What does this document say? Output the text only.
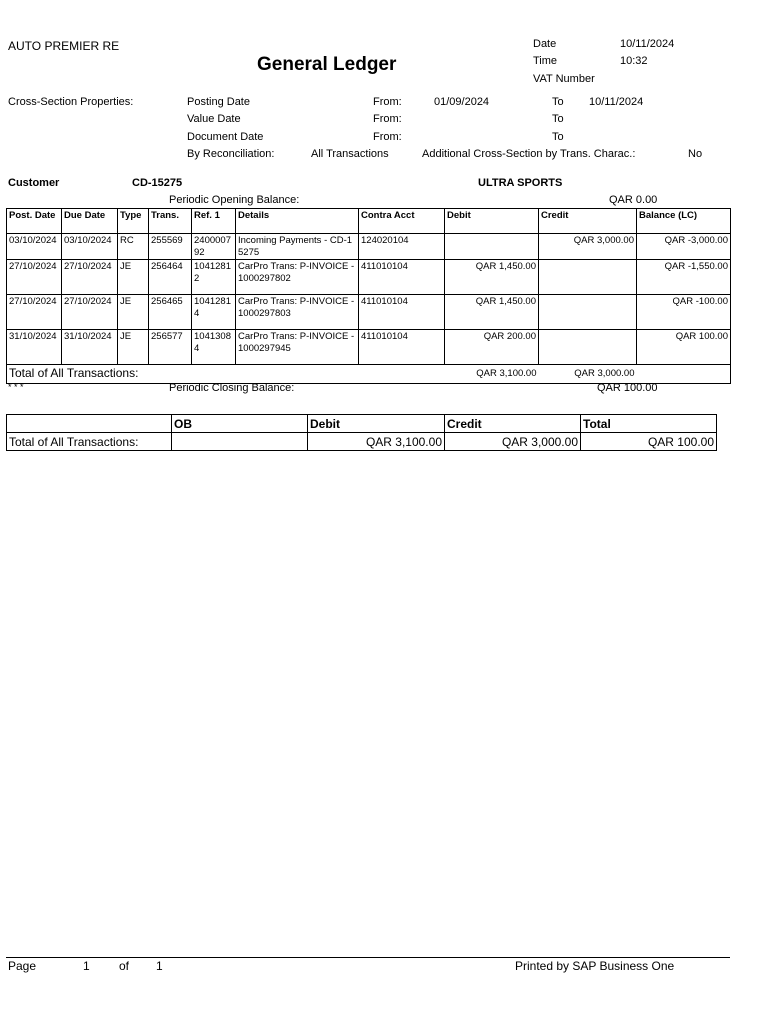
AUTO PREMIER RE
General Ledger
Date	10/11/2024
Time	10:32
VAT Number
Cross-Section Properties:	Posting Date	From:	01/09/2024	To 10/11/2024
Value Date	From:	To
Document Date	From:	To
By Reconciliation:	All Transactions	Additional Cross-Section by Trans. Charac.:	No
Customer	CD-15275	ULTRA SPORTS
Periodic Opening Balance:	QAR 0.00
Post. Date	Due Date	Type	Trans.	Ref. 1	Details	Contra Acct	Debit	Credit	Balance (LC)
03/10/2024	03/10/2024	RC	255569	240000792	Incoming Payments - CD-15275	124020104		QAR 3,000.00	QAR -3,000.00
27/10/2024	27/10/2024	JE	256464	10412812	CarPro Trans: P-INVOICE - 1000297802	411010104	QAR 1,450.00		QAR -1,550.00
27/10/2024	27/10/2024	JE	256465	10412814	CarPro Trans: P-INVOICE - 1000297803	411010104	QAR 1,450.00		QAR -100.00
31/10/2024	31/10/2024	JE	256577	10413084	CarPro Trans: P-INVOICE - 1000297945	411010104	QAR 200.00		QAR 100.00
Total of All Transactions:							QAR 3,100.00	QAR 3,000.00	
* * *	Periodic Closing Balance:	QAR 100.00
	OB	Debit	Credit	Total
Total of All Transactions:		QAR 3,100.00	QAR 3,000.00	QAR 100.00
Page	1 of 1	Printed by SAP Business One
